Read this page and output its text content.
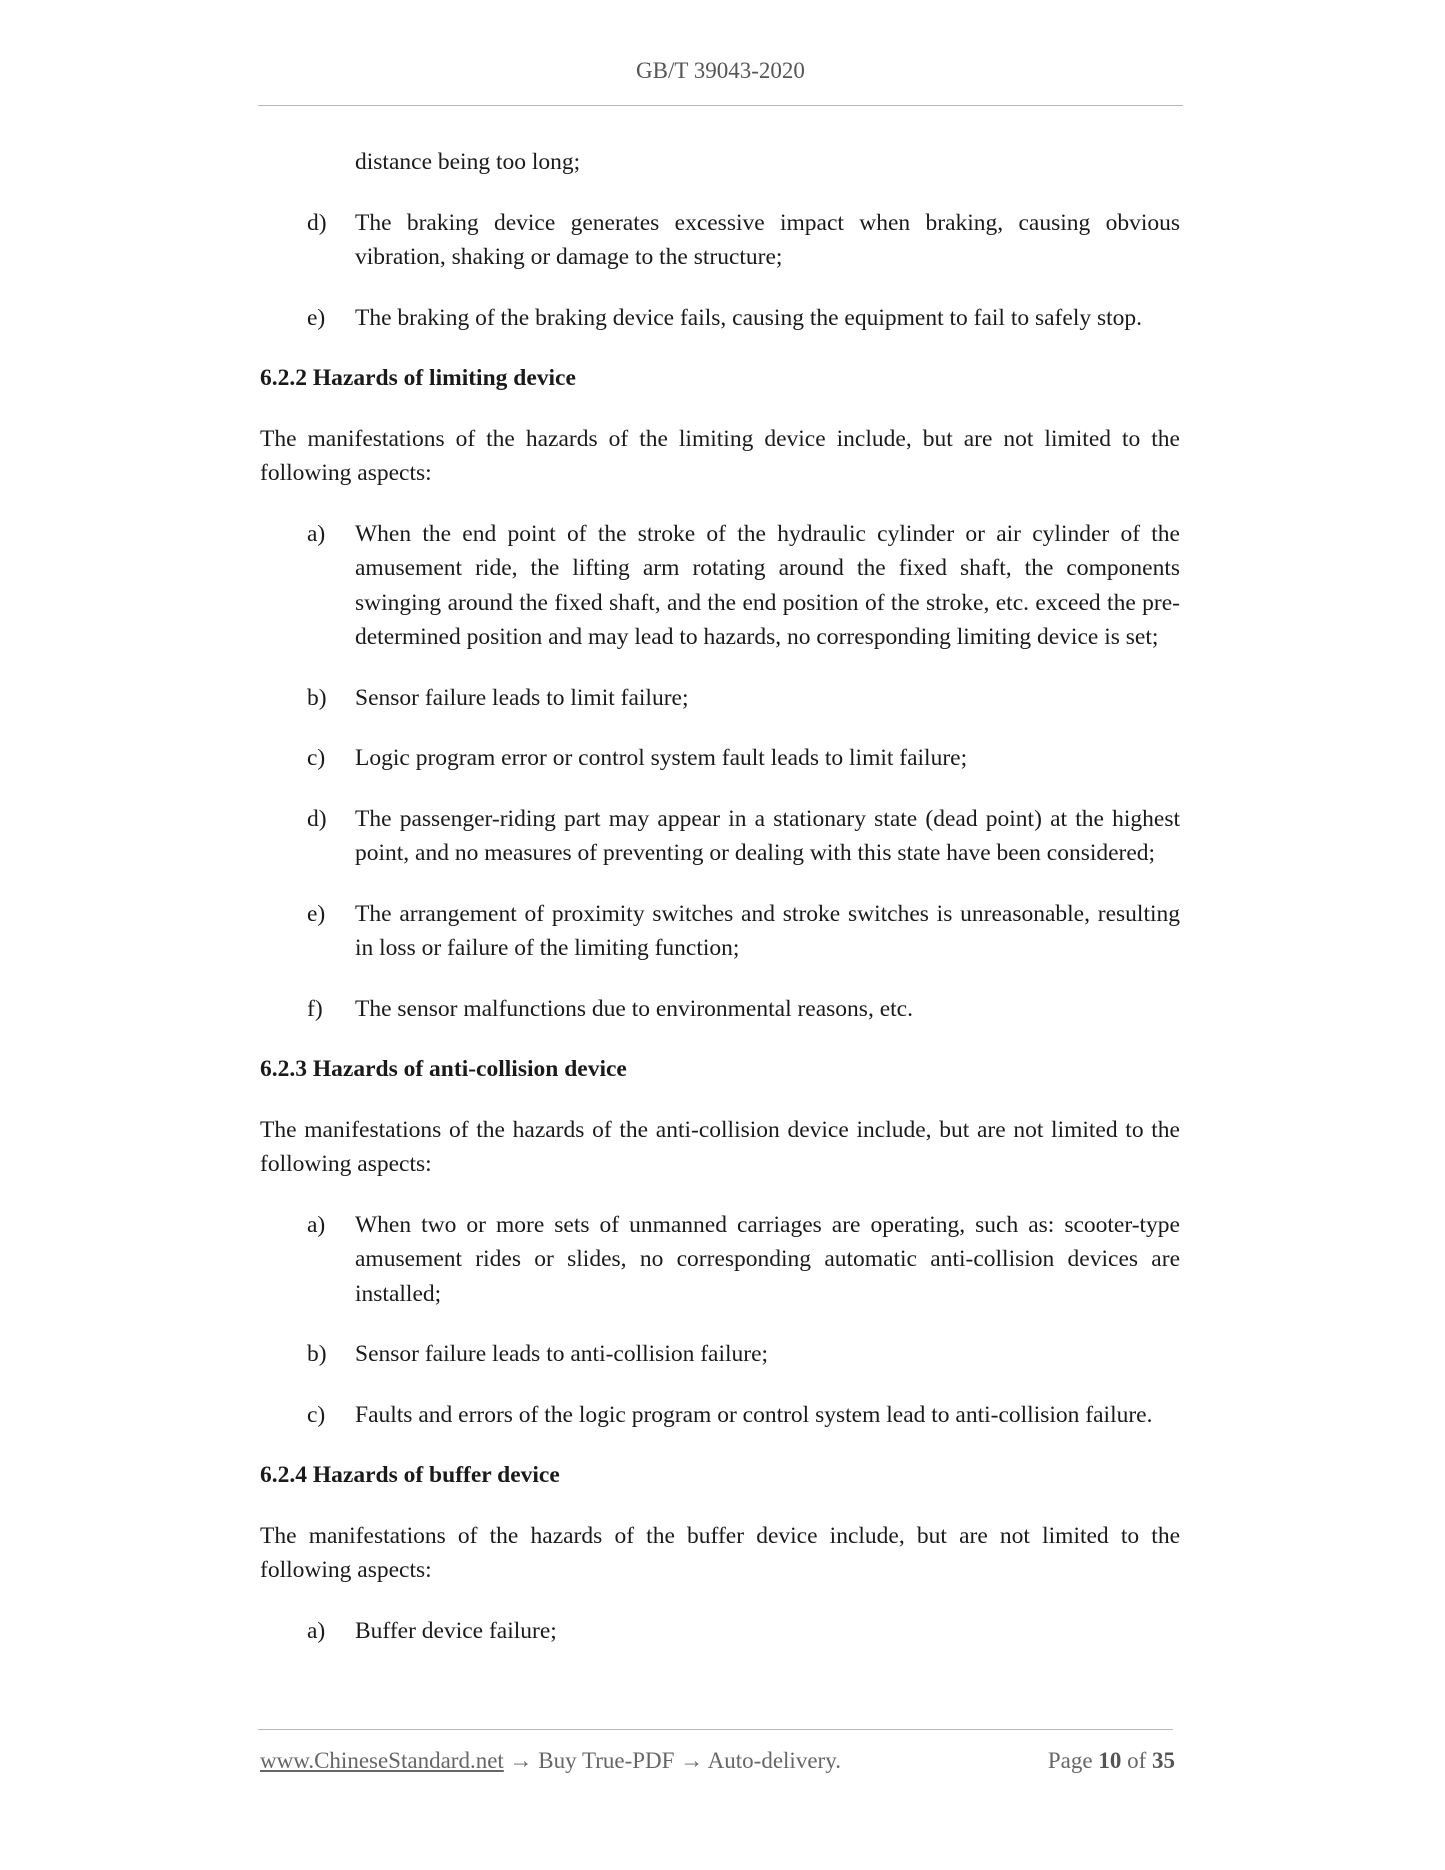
GB/T 39043-2020

distance being too long;

d)	The braking device generates excessive impact when braking, causing obvious vibration, shaking or damage to the structure;
e)	The braking of the braking device fails, causing the equipment to fail to safely stop.
6.2.2 Hazards of limiting device

The manifestations of the hazards of the limiting device include, but are not limited to the following aspects:

a)	When the end point of the stroke of the hydraulic cylinder or air cylinder of the amusement ride, the lifting arm rotating around the fixed shaft, the components swinging around the fixed shaft, and the end position of the stroke, etc. exceed the pre-determined position and may lead to hazards, no corresponding limiting device is set;
b)	Sensor failure leads to limit failure;
c)	Logic program error or control system fault leads to limit failure;
d)	The passenger-riding part may appear in a stationary state (dead point) at the highest point, and no measures of preventing or dealing with this state have been considered;
e)	The arrangement of proximity switches and stroke switches is unreasonable, resulting in loss or failure of the limiting function;
f)	The sensor malfunctions due to environmental reasons, etc.
6.2.3 Hazards of anti-collision device

The manifestations of the hazards of the anti-collision device include, but are not limited to the following aspects:

a)	When two or more sets of unmanned carriages are operating, such as: scooter-type amusement rides or slides, no corresponding automatic anti-collision devices are installed;
b)	Sensor failure leads to anti-collision failure;
c)	Faults and errors of the logic program or control system lead to anti-collision failure.
6.2.4 Hazards of buffer device

The manifestations of the hazards of the buffer device include, but are not limited to the following aspects:

a)	Buffer device failure;
www.ChineseStandard.net → Buy True-PDF → Auto-delivery.	Page 10 of 35
